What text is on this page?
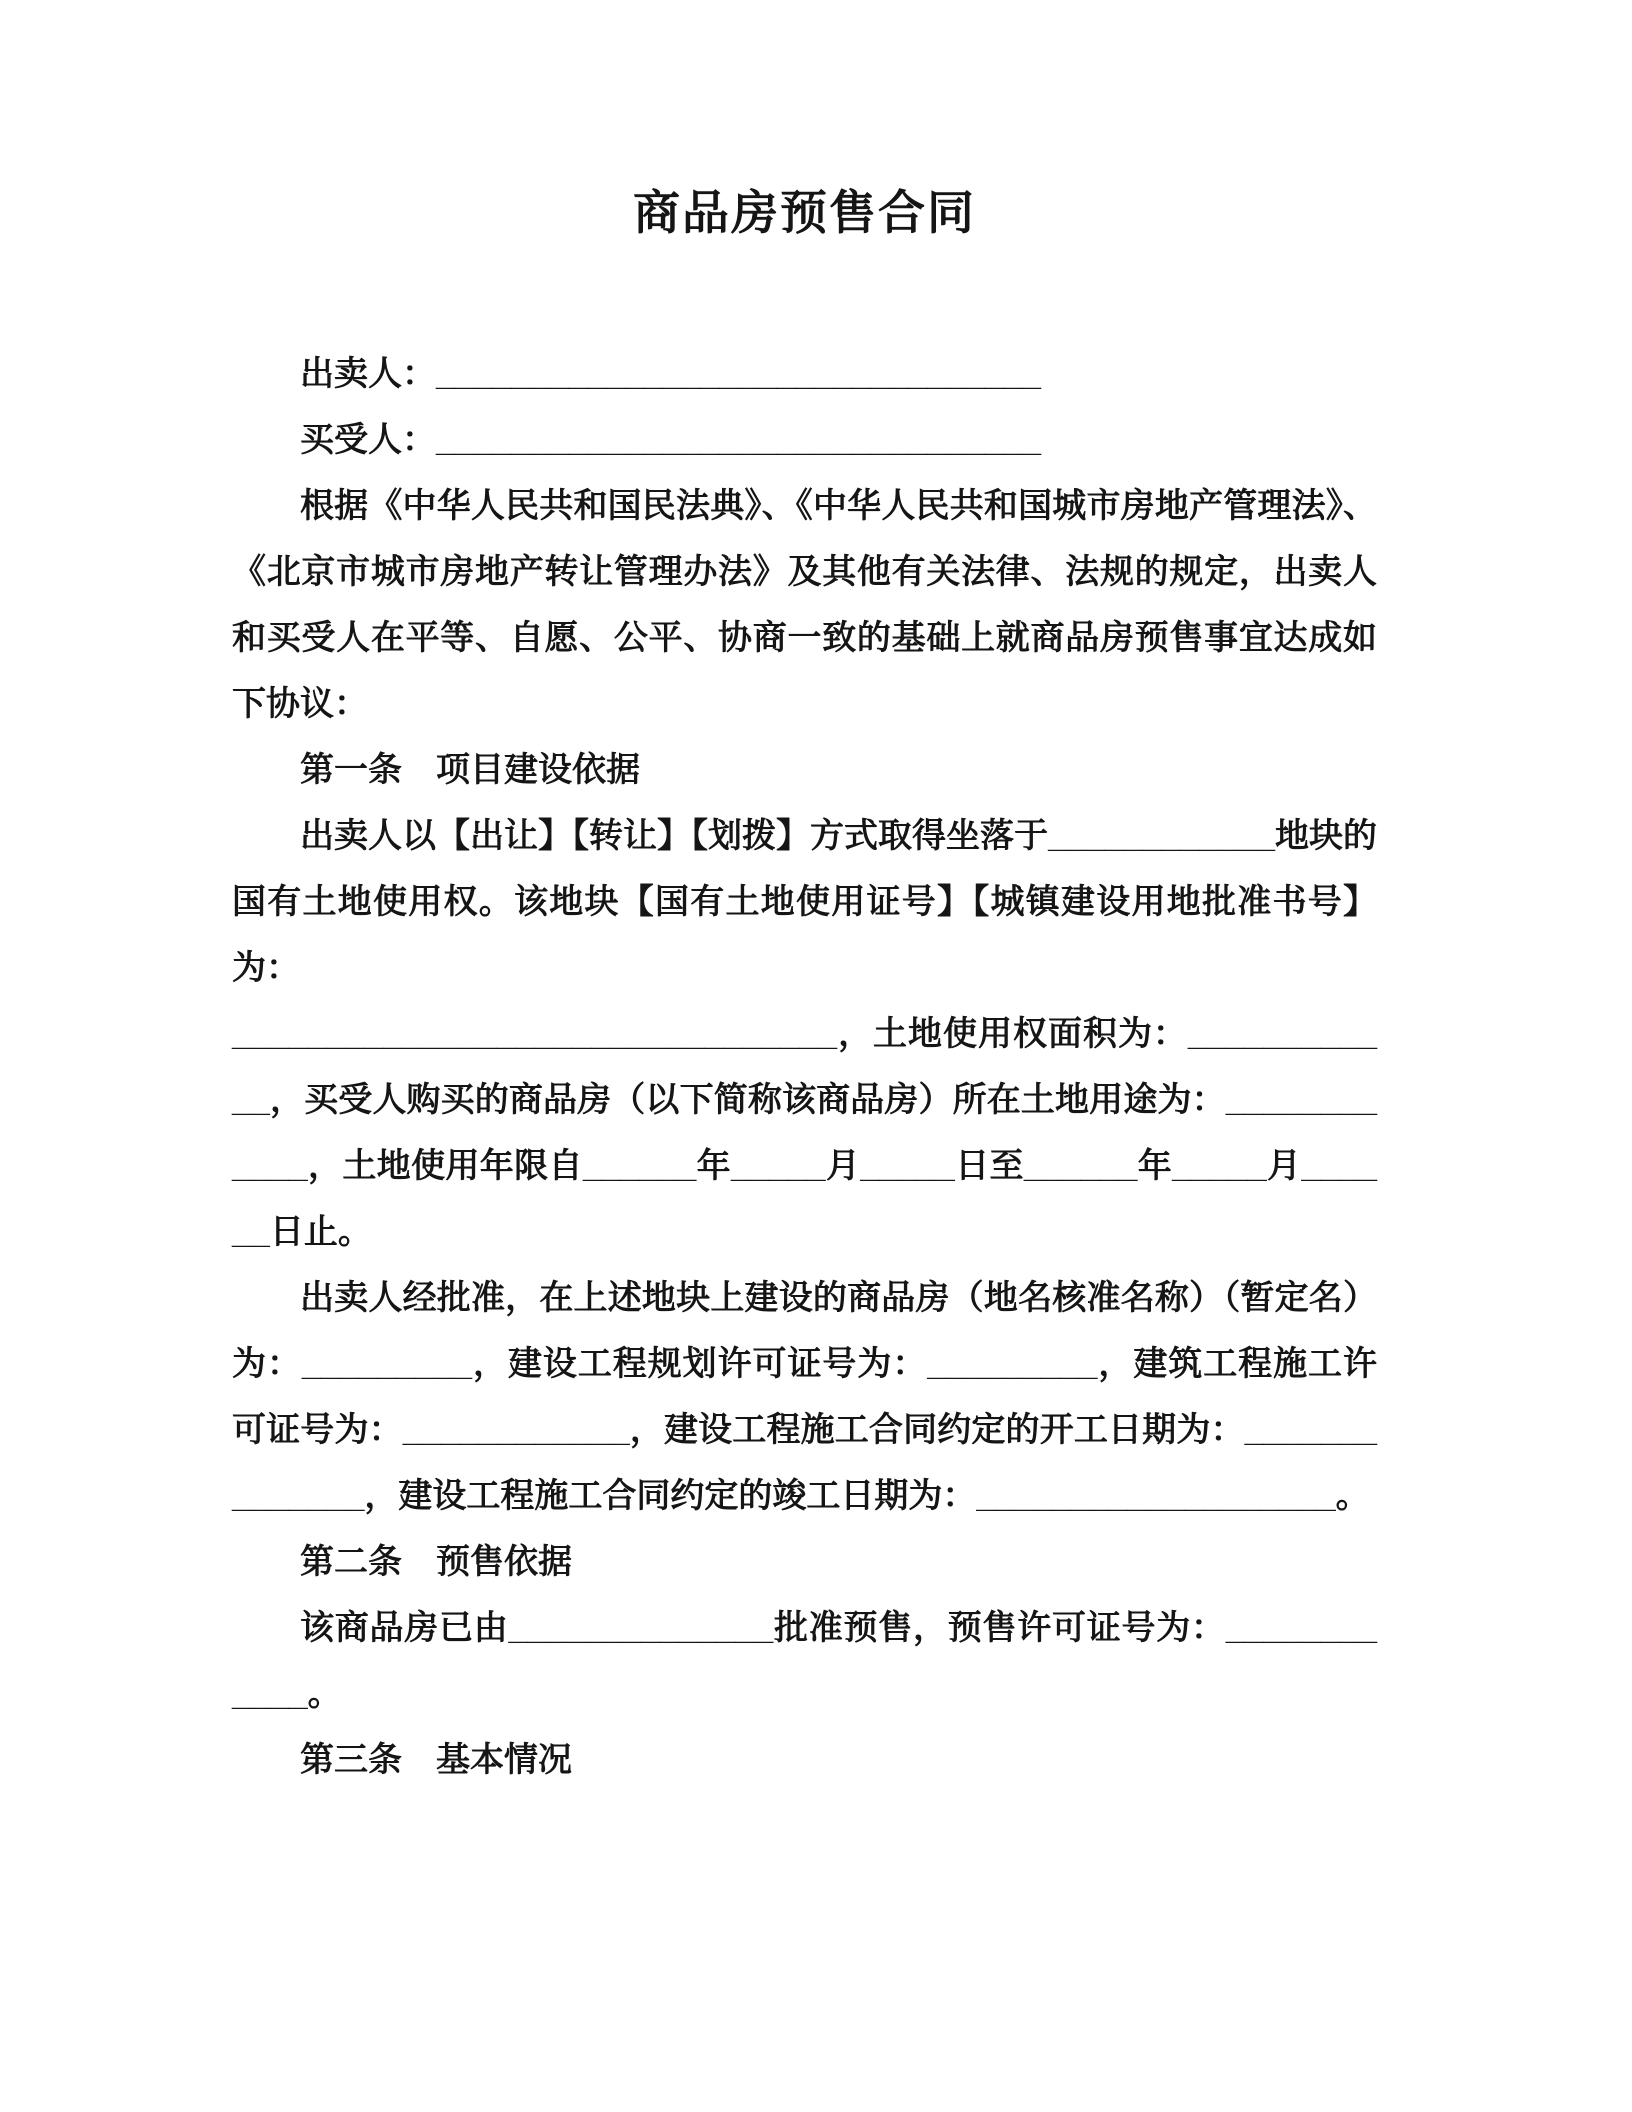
商品房预售合同

出卖人：________________________________

买受人：________________________________

根据《中华人民共和国民法典》、《中华人民共和国城市房地产管理法》、《北京市城市房地产转让管理办法》及其他有关法律、法规的规定，出卖人和买受人在平等、自愿、公平、协商一致的基础上就商品房预售事宜达成如下协议：

第一条　项目建设依据

出卖人以【出让】【转让】【划拨】方式取得坐落于____________地块的国有土地使用权。该地块【国有土地使用证号】【城镇建设用地批准书号】为：

________________________________，土地使用权面积为：____________，买受人购买的商品房（以下简称该商品房）所在土地用途为：____________，土地使用年限自______年_____月_____日至______年_____月______日止。

出卖人经批准，在上述地块上建设的商品房（地名核准名称）（暂定名）为：_________，建设工程规划许可证号为：_________，建筑工程施工许可证号为：____________，建设工程施工合同约定的开工日期为：______________，建设工程施工合同约定的竣工日期为：___________________。

第二条　预售依据

该商品房已由______________批准预售，预售许可证号为：____________。

第三条　基本情况
